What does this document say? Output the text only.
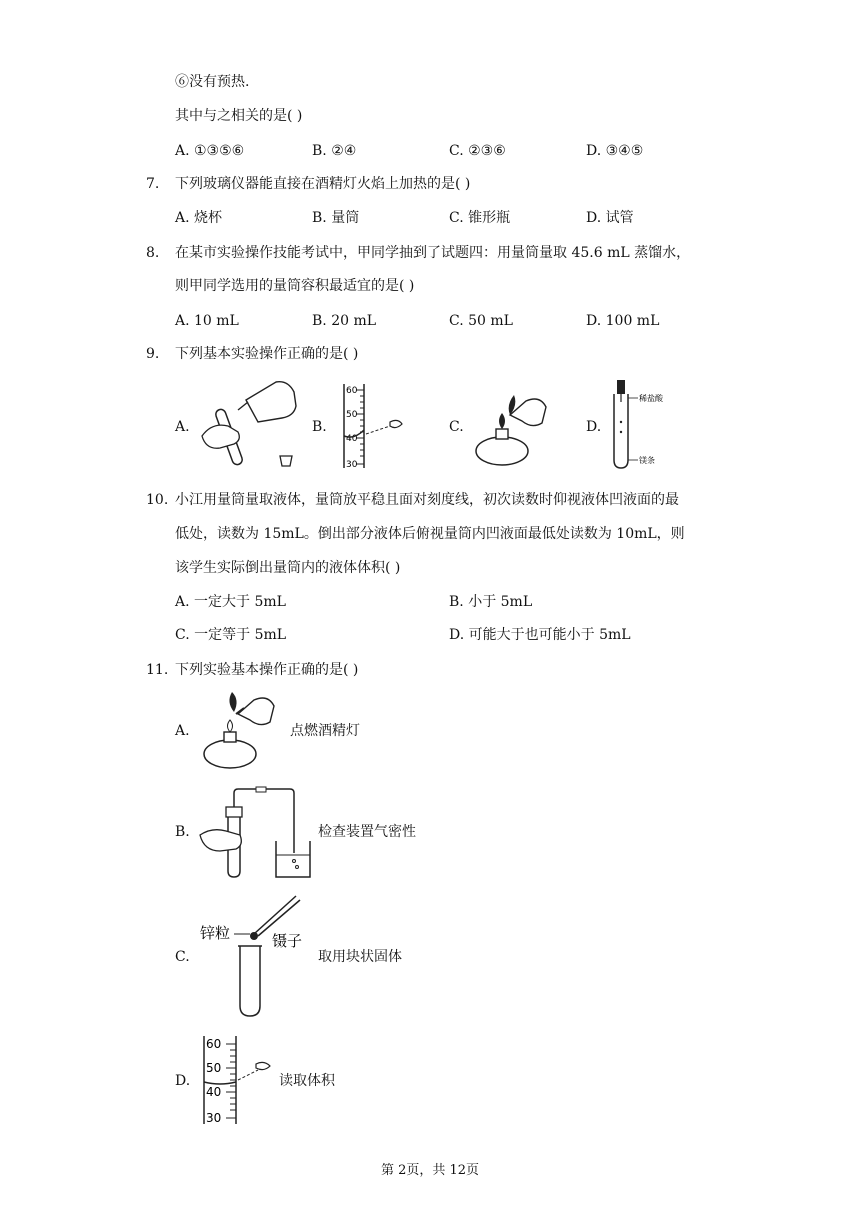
⑥没有预热.
其中与之相关的是( )
A. ①③⑤⑥	B. ②④	C. ②③⑥	D. ③④⑤
7. 下列玻璃仪器能直接在酒精灯火焰上加热的是( )
A. 烧杯	B. 量筒	C. 锥形瓶	D. 试管
8. 在某市实验操作技能考试中，甲同学抽到了试题四：用量筒量取 45.6 mL 蒸馏水，
则甲同学选用的量筒容积最适宜的是( )
A. 10 mL	B. 20 mL	C. 50 mL	D. 100 mL
9. 下列基本实验操作正确的是( )
A.	B.
60
50
40
30
C.	D.
稀盐酸
镁条
10. 小江用量筒量取液体，量筒放平稳且面对刻度线，初次读数时仰视液体凹液面的最
低处，读数为 15mL。倒出部分液体后俯视量筒内凹液面最低处读数为 10mL，则
该学生实际倒出量筒内的液体体积( )
A. 一定大于 5mL	B. 小于 5mL
C. 一定等于 5mL	D. 可能大于也可能小于 5mL
11. 下列实验基本操作正确的是( )
A.	点燃酒精灯
B.	检查装置气密性
C.
锌粒	镊子
取用块状固体
D.
60
50
40
30
读取体积
第 2页，共 12页
